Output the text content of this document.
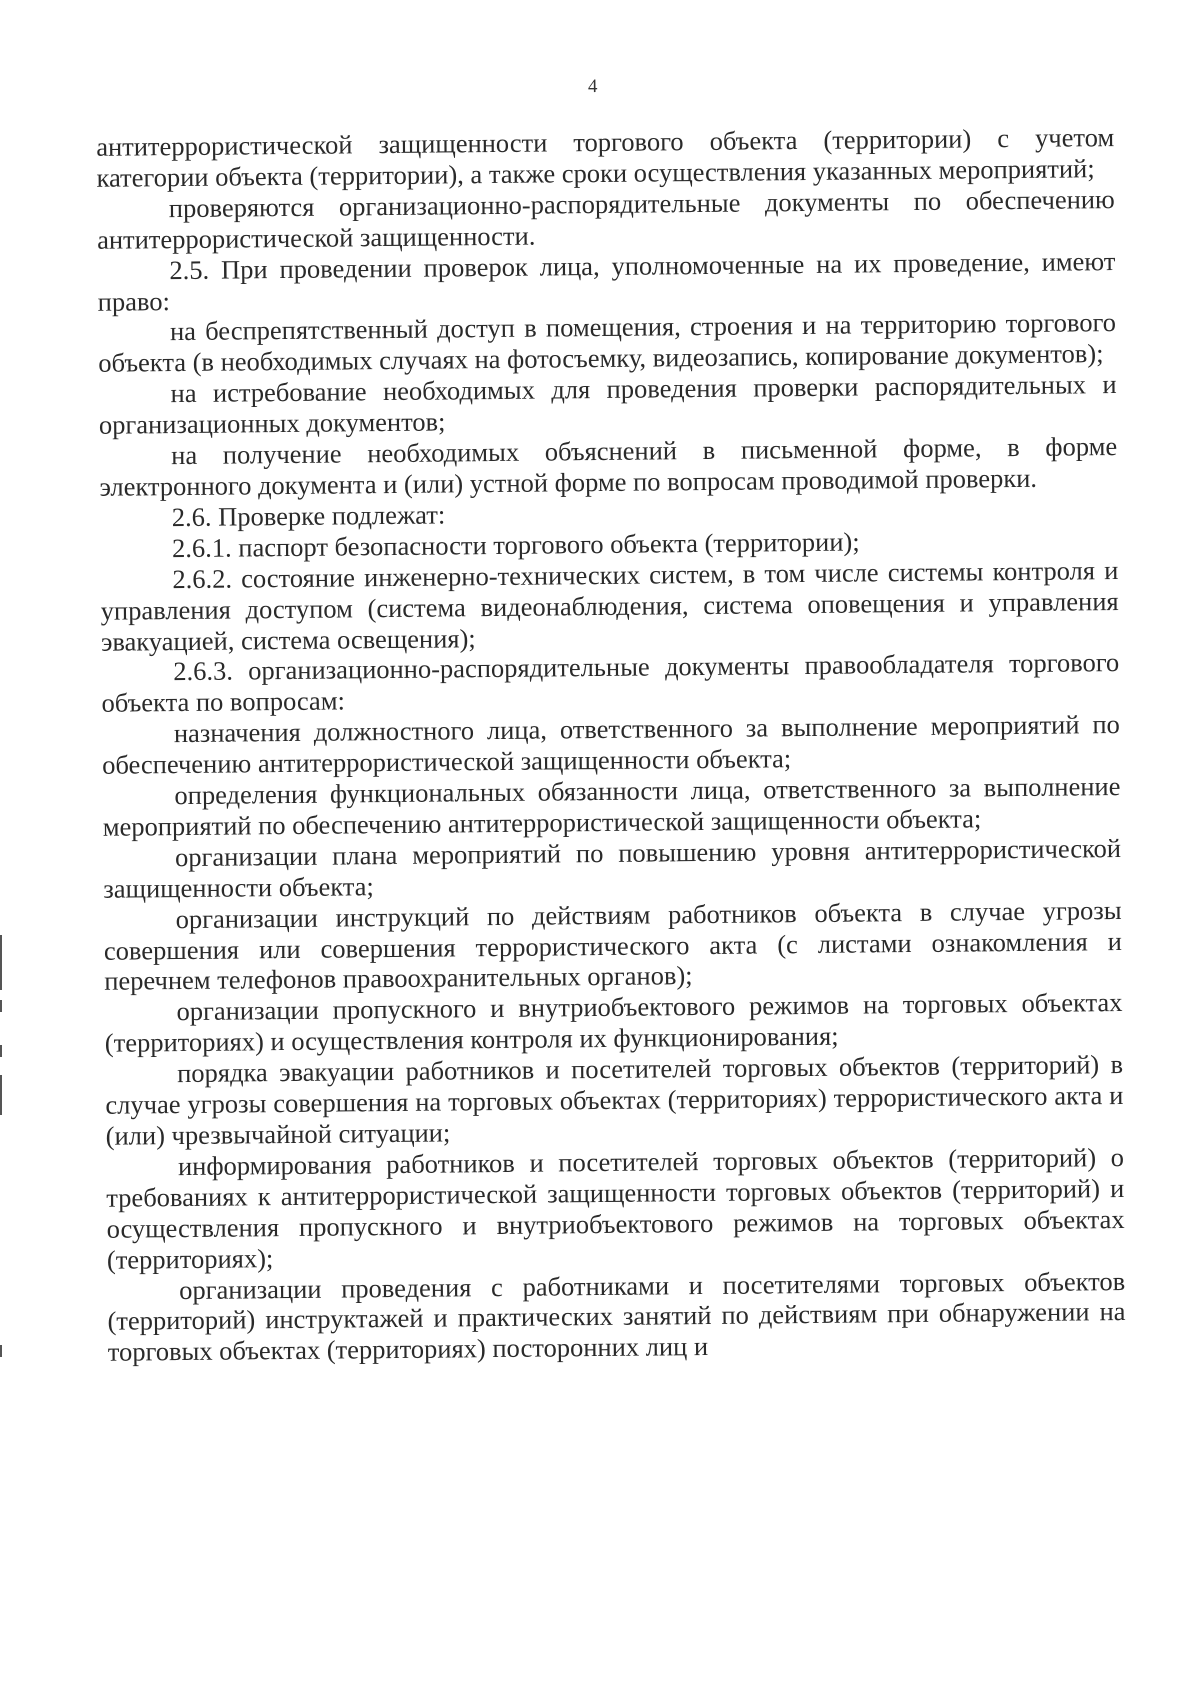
4

антитеррористической защищенности торгового объекта (территории) с учетом категории объекта (территории), а также сроки осуществления указанных мероприятий;

проверяются организационно-распорядительные документы по обеспечению антитеррористической защищенности.

2.5. При проведении проверок лица, уполномоченные на их проведение, имеют право:

на беспрепятственный доступ в помещения, строения и на территорию торгового объекта (в необходимых случаях на фотосъемку, видеозапись, копирование документов);

на истребование необходимых для проведения проверки распорядительных и организационных документов;

на получение необходимых объяснений в письменной форме, в форме электронного документа и (или) устной форме по вопросам проводимой проверки.

2.6. Проверке подлежат:

2.6.1. паспорт безопасности торгового объекта (территории);

2.6.2. состояние инженерно-технических систем, в том числе системы контроля и управления доступом (система видеонаблюдения, система оповещения и управления эвакуацией, система освещения);

2.6.3. организационно-распорядительные документы правообладателя торгового объекта по вопросам:

назначения должностного лица, ответственного за выполнение мероприятий по обеспечению антитеррористической защищенности объекта;

определения функциональных обязанности лица, ответственного за выполнение мероприятий по обеспечению антитеррористической защищенности объекта;

организации плана мероприятий по повышению уровня антитеррористической защищенности объекта;

организации инструкций по действиям работников объекта в случае угрозы совершения или совершения террористического акта (с листами ознакомления и перечнем телефонов правоохранительных органов);

организации пропускного и внутриобъектового режимов на торговых объектах (территориях) и осуществления контроля их функционирования;

порядка эвакуации работников и посетителей торговых объектов (территорий) в случае угрозы совершения на торговых объектах (территориях) террористического акта и (или) чрезвычайной ситуации;

информирования работников и посетителей торговых объектов (территорий) о требованиях к антитеррористической защищенности торговых объектов (территорий) и осуществления пропускного и внутриобъектового режимов на торговых объектах (территориях);

организации проведения с работниками и посетителями торговых объектов (территорий) инструктажей и практических занятий по действиям при обнаружении на торговых объектах (территориях) посторонних лиц и
